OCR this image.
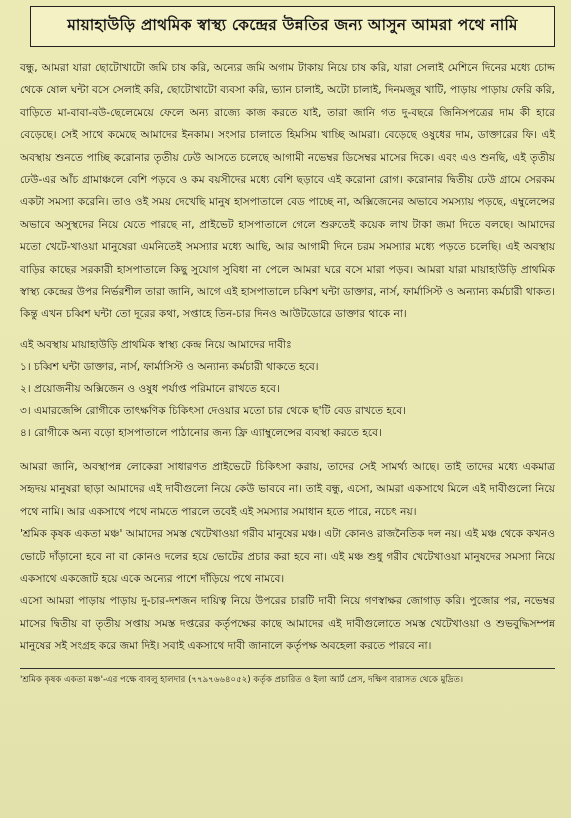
মায়াহাউড়ি প্রাথমিক স্বাস্থ্য কেন্দ্রের উন্নতির জন্য আসুন আমরা পথে নামি

বন্ধু, আমরা যারা ছোটোখাটো জমি চাষ করি, অন্যের জমি অগাম টাকায় নিয়ে চাষ করি, যারা সেলাই মেশিনে দিনের মধ্যে চোদ্দ থেকে ষোল ঘন্টা বসে সেলাই করি, ছোটোখাটো ব্যবসা করি, ভ্যান চালাই, অটো চালাই, দিনমজুর খাটি, পাড়ায় পাড়ায় ফেরি করি, বাড়িতে মা-বাবা-বউ-ছেলেমেয়ে ফেলে অন্য রাজ্যে কাজ করতে যাই, তারা জানি গত দু-বছরে জিনিসপত্রের দাম কী হারে বেড়েছে। সেই সাথে কমেছে আমাদের ইনকাম। সংসার চালাতে হিমসিম খাচ্ছি আমরা। বেড়েছে ওষুধের দাম, ডাক্তারের ফি। এই অবস্থায় শুনতে পাচ্ছি করোনার তৃতীয় ঢেউ আসতে চলেছে আগামী নভেম্বর ডিসেম্বর মাসের দিকে। এবং এও শুনছি, এই তৃতীয় ঢেউ-এর আঁচ গ্রামাঞ্চলে বেশি পড়বে ও কম বয়সীদের মধ্যে বেশি ছড়াবে এই করোনা রোগ। করোনার দ্বিতীয় ঢেউ গ্রামে সেরকম একটা সমস্যা করেনি। তাও ওই সময় দেখেছি মানুষ হাসপাতালে বেড পাচ্ছে না, অক্সিজেনের অভাবে সমস্যায় পড়ছে, এম্বুলেন্সের অভাবে অসুস্থদের নিয়ে যেতে পারছে না, প্রাইভেট হাসপাতালে গেলে শুরুতেই কয়েক লাখ টাকা জমা দিতে বলছে। আমাদের মতো খেটে-খাওয়া মানুষেরা এমনিতেই সমস্যার মধ্যে আছি, আর আগামী দিনে চরম সমস্যার মধ্যে পড়তে চলেছি। এই অবস্থায় বাড়ির কাছের সরকারী হাসপাতালে কিছু সুযোগ সুবিধা না পেলে আমরা ঘরে বসে মারা পড়ব। আমরা যারা মায়াহাউড়ি প্রাথমিক স্বাস্থ্য কেন্দ্রের উপর নির্ভরশীল তারা জানি, আগে এই হাসপাতালে চব্বিশ ঘন্টা ডাক্তার, নার্স, ফার্মাসিস্ট ও অন্যান্য কর্মচারী থাকত। কিন্তু এখন চব্বিশ ঘন্টা তো দূরের কথা, সপ্তাহে তিন-চার দিনও আউটডোরে ডাক্তার থাকে না।

এই অবস্থায় মায়াহাউড়ি প্রাথমিক স্বাস্থ্য কেন্দ্র নিয়ে আমাদের দাবীঃ

১। চব্বিশ ঘন্টা ডাক্তার, নার্স, ফার্মাসিস্ট ও অন্যান্য কর্মচারী থাকতে হবে।

২। প্রয়োজনীয় অক্সিজেন ও ওষুধ পর্যাপ্ত পরিমানে রাখতে হবে।

৩। এমারজেন্সি রোগীকে তাৎক্ষণিক চিকিৎসা দেওয়ার মতো চার থেকে ছ'টি বেড রাখতে হবে।

৪। রোগীকে অন্য বড়ো হাসপাতালে পাঠানোর জন্য ফ্রি এ্যাম্বুলেন্সের ব্যবস্থা করতে হবে।

আমরা জানি, অবস্থাপন্ন লোকেরা সাধারণত প্রাইভেটে চিকিৎসা করায়, তাদের সেই সামর্থ্য আছে। তাই তাদের মধ্যে একমাত্র সহৃদয় মানুষরা ছাড়া আমাদের এই দাবীগুলো নিয়ে কেউ ভাববে না। তাই বন্ধু, এসো, আমরা একসাথে মিলে এই দাবীগুলো নিয়ে পথে নামি। আর একসাথে পথে নামতে পারলে তবেই এই সমস্যার সমাধান হতে পারে, নচেৎ নয়।

'শ্রমিক কৃষক একতা মঞ্চ' আমাদের সমস্ত খেটেখাওয়া গরীব মানুষের মঞ্চ। এটা কোনও রাজনৈতিক দল নয়। এই মঞ্চ থেকে কখনও ভোটে দাঁড়ানো হবে না বা কোনও দলের হয়ে ভোটের প্রচার করা হবে না। এই মঞ্চ শুধু গরীব খেটেখাওয়া মানুষদের সমস্যা নিয়ে একসাথে একজোট হয়ে একে অন্যের পাশে দাঁড়িয়ে পথে নামবে।

এসো আমরা পাড়ায় পাড়ায় দু-চার-দশজন দায়িত্ব নিয়ে উপরের চারটি দাবী নিয়ে গণস্বাক্ষর জোগাড় করি। পুজোর পর, নভেম্বর মাসের দ্বিতীয় বা তৃতীয় সপ্তায় সমস্ত দপ্তরের কর্তৃপক্ষের কাছে আমাদের এই দাবীগুলোতে সমস্ত খেটেখাওয়া ও শুভবুদ্ধিসম্পন্ন মানুষের সই সংগ্রহ করে জমা দিই। সবাই একসাথে দাবী জানালে কর্তৃপক্ষ অবহেলা করতে পারবে না।

'শ্রমিক কৃষক একতা মঞ্চ'-এর পক্ষে বাবলু হালদার (৭৭৯৭৬৬৪০৫২) কর্তৃক প্রচারিত ও ইলা আর্ট প্রেস, দক্ষিণ বারাসত থেকে মুদ্রিত।
